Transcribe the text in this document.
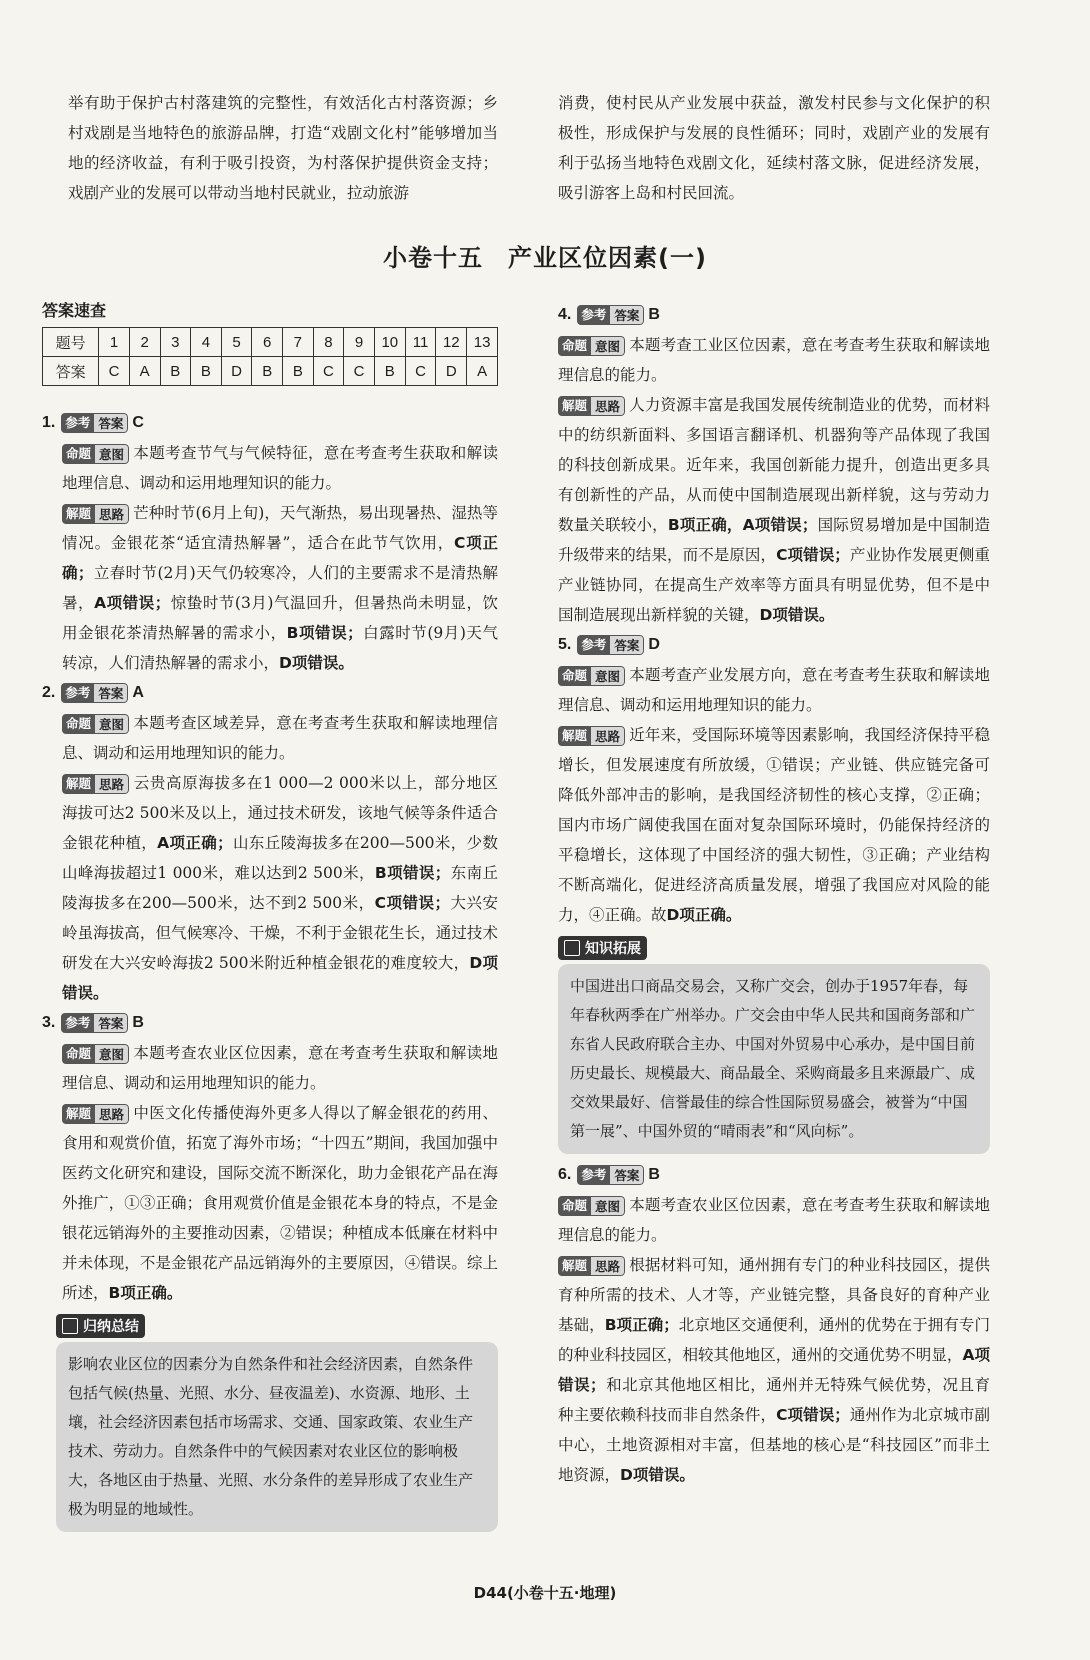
举有助于保护古村落建筑的完整性，有效活化古村落资源；乡村戏剧是当地特色的旅游品牌，打造“戏剧文化村”能够增加当地的经济收益，有利于吸引投资，为村落保护提供资金支持；戏剧产业的发展可以带动当地村民就业，拉动旅游

消费，使村民从产业发展中获益，激发村民参与文化保护的积极性，形成保护与发展的良性循环；同时，戏剧产业的发展有利于弘扬当地特色戏剧文化，延续村落文脉，促进经济发展，吸引游客上岛和村民回流。

小卷十五　产业区位因素(一)
答案速查
题号	1	2	3	4	5	6	7	8	9	10	11	12	13
答案	C	A	B	B	D	B	B	C	C	B	C	D	A
1. 参考 答案 C

命题 意图 本题考查节气与气候特征，意在考查考生获取和解读地理信息、调动和运用地理知识的能力。

解题 思路 芒种时节(6月上旬)，天气渐热，易出现暑热、湿热等情况。金银花茶“适宜清热解暑”，适合在此节气饮用，C项正确；立春时节(2月)天气仍较寒冷，人们的主要需求不是清热解暑，A项错误；惊蛰时节(3月)气温回升，但暑热尚未明显，饮用金银花茶清热解暑的需求小，B项错误；白露时节(9月)天气转凉，人们清热解暑的需求小，D项错误。

2. 参考 答案 A

命题 意图 本题考查区域差异，意在考查考生获取和解读地理信息、调动和运用地理知识的能力。

解题 思路 云贵高原海拔多在1 000—2 000米以上，部分地区海拔可达2 500米及以上，通过技术研发，该地气候等条件适合金银花种植，A项正确；山东丘陵海拔多在200—500米，少数山峰海拔超过1 000米，难以达到2 500米，B项错误；东南丘陵海拔多在200—500米，达不到2 500米，C项错误；大兴安岭虽海拔高，但气候寒冷、干燥，不利于金银花生长，通过技术研发在大兴安岭海拔2 500米附近种植金银花的难度较大，D项错误。

3. 参考 答案 B

命题 意图 本题考查农业区位因素，意在考查考生获取和解读地理信息、调动和运用地理知识的能力。

解题 思路 中医文化传播使海外更多人得以了解金银花的药用、食用和观赏价值，拓宽了海外市场；“十四五”期间，我国加强中医药文化研究和建设，国际交流不断深化，助力金银花产品在海外推广，①③正确；食用观赏价值是金银花本身的特点，不是金银花远销海外的主要推动因素，②错误；种植成本低廉在材料中并未体现，不是金银花产品远销海外的主要原因，④错误。综上所述，B项正确。

归纳总结
影响农业区位的因素分为自然条件和社会经济因素，自然条件包括气候(热量、光照、水分、昼夜温差)、水资源、地形、土壤，社会经济因素包括市场需求、交通、国家政策、农业生产技术、劳动力。自然条件中的气候因素对农业区位的影响极大，各地区由于热量、光照、水分条件的差异形成了农业生产极为明显的地域性。
4. 参考 答案 B

命题 意图 本题考查工业区位因素，意在考查考生获取和解读地理信息的能力。

解题 思路 人力资源丰富是我国发展传统制造业的优势，而材料中的纺织新面料、多国语言翻译机、机器狗等产品体现了我国的科技创新成果。近年来，我国创新能力提升，创造出更多具有创新性的产品，从而使中国制造展现出新样貌，这与劳动力数量关联较小，B项正确，A项错误；国际贸易增加是中国制造升级带来的结果，而不是原因，C项错误；产业协作发展更侧重产业链协同，在提高生产效率等方面具有明显优势，但不是中国制造展现出新样貌的关键，D项错误。

5. 参考 答案 D

命题 意图 本题考查产业发展方向，意在考查考生获取和解读地理信息、调动和运用地理知识的能力。

解题 思路 近年来，受国际环境等因素影响，我国经济保持平稳增长，但发展速度有所放缓，①错误；产业链、供应链完备可降低外部冲击的影响，是我国经济韧性的核心支撑，②正确；国内市场广阔使我国在面对复杂国际环境时，仍能保持经济的平稳增长，这体现了中国经济的强大韧性，③正确；产业结构不断高端化，促进经济高质量发展，增强了我国应对风险的能力，④正确。故D项正确。

知识拓展
中国进出口商品交易会，又称广交会，创办于1957年春，每年春秋两季在广州举办。广交会由中华人民共和国商务部和广东省人民政府联合主办、中国对外贸易中心承办，是中国目前历史最长、规模最大、商品最全、采购商最多且来源最广、成交效果最好、信誉最佳的综合性国际贸易盛会，被誉为“中国第一展”、中国外贸的“晴雨表”和“风向标”。
6. 参考 答案 B

命题 意图 本题考查农业区位因素，意在考查考生获取和解读地理信息的能力。

解题 思路 根据材料可知，通州拥有专门的种业科技园区，提供育种所需的技术、人才等，产业链完整，具备良好的育种产业基础，B项正确；北京地区交通便利，通州的优势在于拥有专门的种业科技园区，相较其他地区，通州的交通优势不明显，A项错误；和北京其他地区相比，通州并无特殊气候优势，况且育种主要依赖科技而非自然条件，C项错误；通州作为北京城市副中心，土地资源相对丰富，但基地的核心是“科技园区”而非土地资源，D项错误。

D44(小卷十五·地理)
